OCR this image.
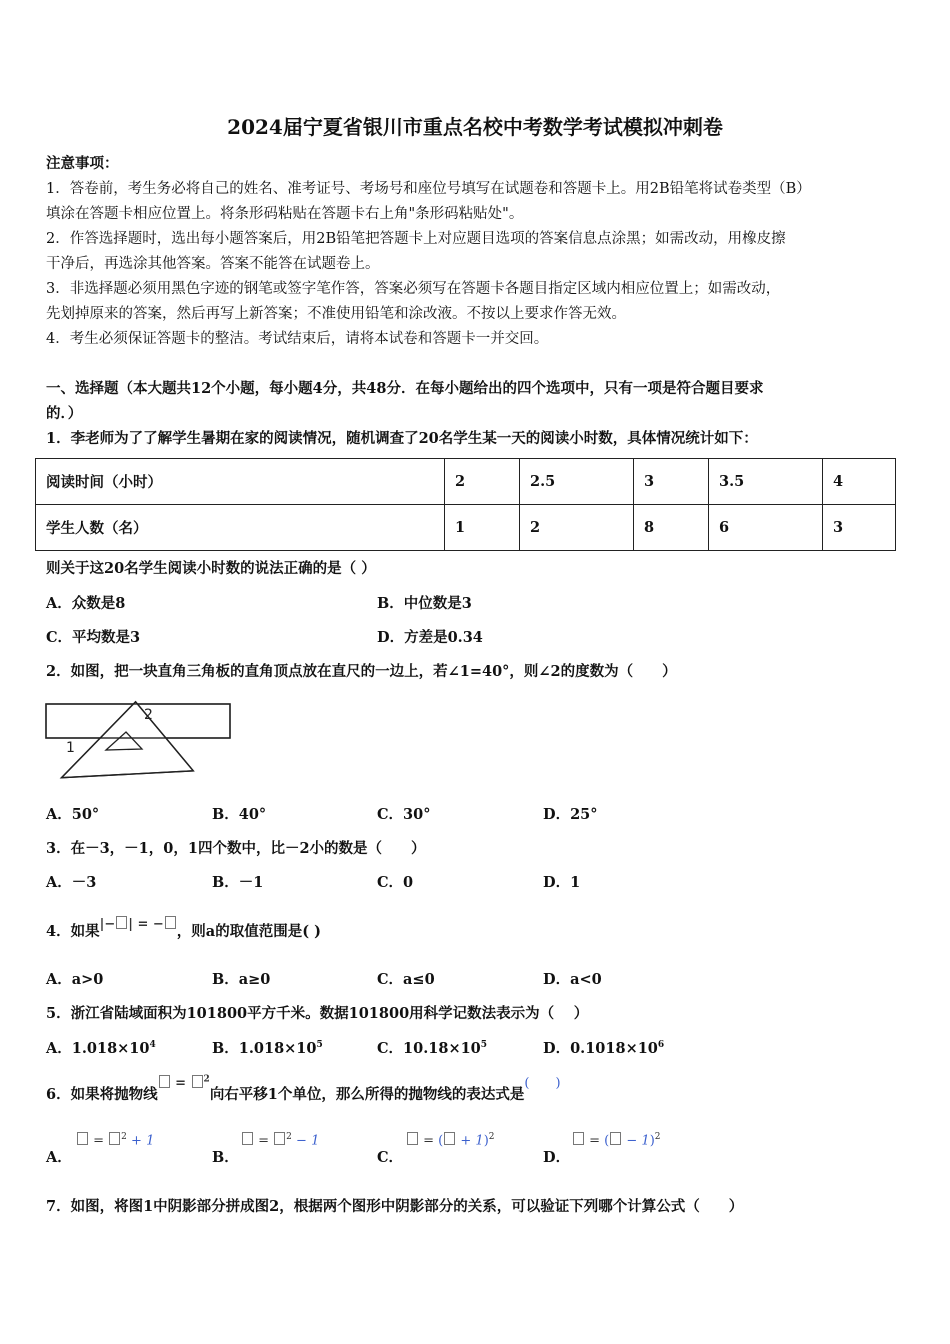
2024届宁夏省银川市重点名校中考数学考试模拟冲刺卷
注意事项：
1．答卷前，考生务必将自己的姓名、准考证号、考场号和座位号填写在试题卷和答题卡上。用2B铅笔将试卷类型（B）
填涂在答题卡相应位置上。将条形码粘贴在答题卡右上角"条形码粘贴处"。
2．作答选择题时，选出每小题答案后，用2B铅笔把答题卡上对应题目选项的答案信息点涂黑；如需改动，用橡皮擦
干净后，再选涂其他答案。答案不能答在试题卷上。
3．非选择题必须用黑色字迹的钢笔或签字笔作答，答案必须写在答题卡各题目指定区域内相应位置上；如需改动，
先划掉原来的答案，然后再写上新答案；不准使用铅笔和涂改液。不按以上要求作答无效。
4．考生必须保证答题卡的整洁。考试结束后，请将本试卷和答题卡一并交回。
一、选择题（本大题共12个小题，每小题4分，共48分．在每小题给出的四个选项中，只有一项是符合题目要求
的．）
1．李老师为了了解学生暑期在家的阅读情况，随机调查了20名学生某一天的阅读小时数，具体情况统计如下：
阅读时间（小时）	2	2.5	3	3.5	4
学生人数（名）	1	2	8	6	3
则关于这20名学生阅读小时数的说法正确的是（ ）
A．众数是8	B．中位数是3
C．平均数是3	D．方差是0.34
2．如图，把一块直角三角板的直角顶点放在直尺的一边上，若∠1=40°，则∠2的度数为（　　）
2
1
A．50°	B．40°	C．30°	D．25°
3．在－3，－1，0，1四个数中，比－2小的数是（　　）
A．－3	B．－1	C．0	D．1
4．如果|− | = − ，则a的取值范围是( )
A．a>0	B．a≥0	C．a≤0	D．a<0
5．浙江省陆域面积为101800平方千米。数据101800用科学记数法表示为（　 ）
A．$1.018\times 10^4$	B．$1.018\times 10^5$	C．$10.18\times 10^5$	D．$0.1018\times 10^6$
6．如果将抛物线 = $^2$向右平移1个单位，那么所得的抛物线的表达式是(　　)
A．
= $^2$ + 1
B．
= $^2$ − 1
C．
= ( + 1)$^2$
D．
= ( − 1)$^2$
7．如图，将图1中阴影部分拼成图2，根据两个图形中阴影部分的关系，可以验证下列哪个计算公式（　　）
